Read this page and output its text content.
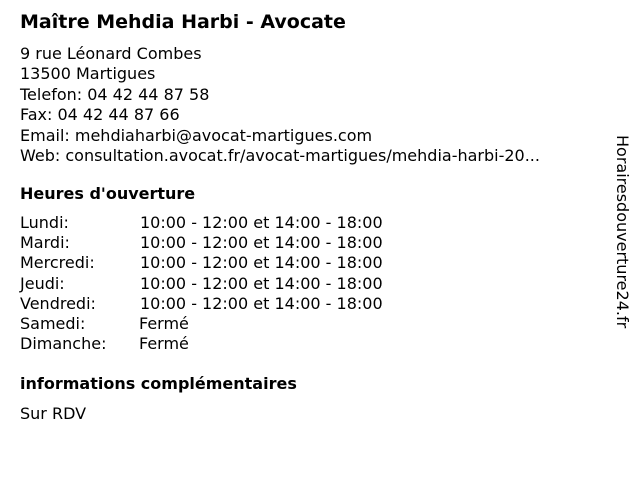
Maître Mehdia Harbi - Avocate
9 rue Léonard Combes
13500 Martigues
Telefon: 04 42 44 87 58
Fax: 04 42 44 87 66
Email: mehdiaharbi@avocat-martigues.com
Web: consultation.avocat.fr/avocat-martigues/mehdia-harbi-20...
Heures d'ouverture
Lundi:	10:00 - 12:00 et 14:00 - 18:00
Mardi:	10:00 - 12:00 et 14:00 - 18:00
Mercredi:	10:00 - 12:00 et 14:00 - 18:00
Jeudi:	10:00 - 12:00 et 14:00 - 18:00
Vendredi:	10:00 - 12:00 et 14:00 - 18:00
Samedi:	Fermé
Dimanche: Fermé
informations complémentaires
Sur RDV
Horairesdouverture24.fr
